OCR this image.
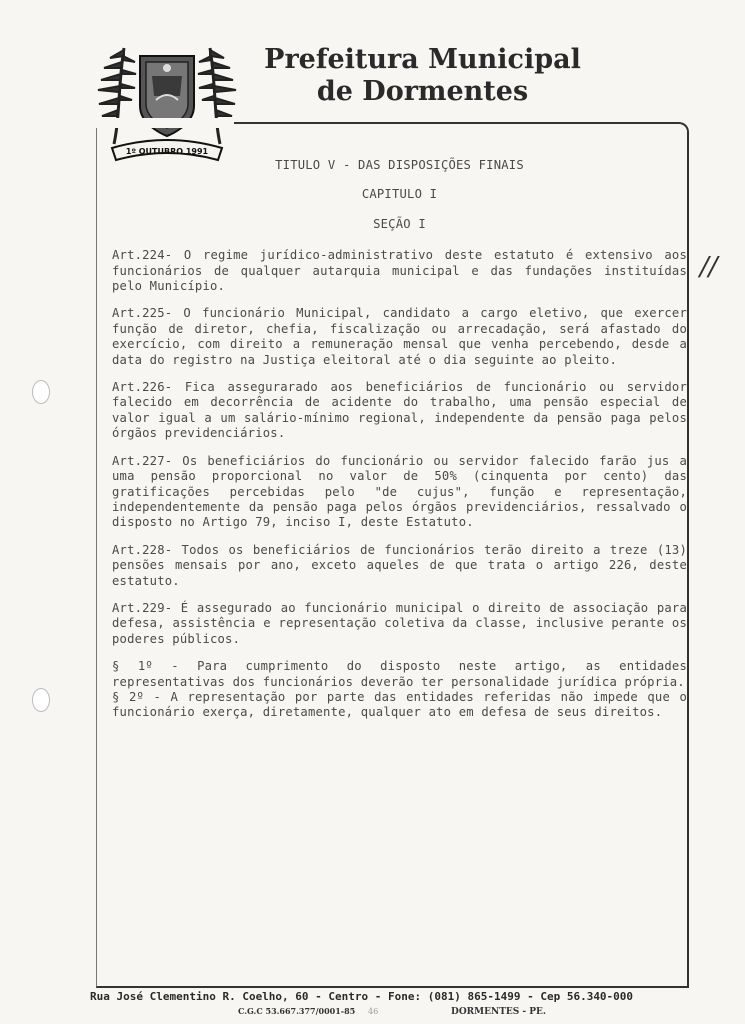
1º OUTUBRO 1991
Prefeitura Municipal
de Dormentes
TITULO V - DAS DISPOSIÇÕES FINAIS
CAPITULO I
SEÇÃO I

Art.224- O regime jurídico-administrativo deste estatuto é extensivo aos funcionários de qualquer autarquia municipal e das fundações instituídas pelo Município.

Art.225- O funcionário Municipal, candidato a cargo eletivo, que exercer função de diretor, chefia, fiscalização ou arrecadação, será afastado do exercício, com direito a remuneração mensal que venha percebendo, desde a data do registro na Justiça eleitoral até o dia seguinte ao pleito.

Art.226- Fica assegurarado aos beneficiários de funcionário ou servidor falecido em decorrência de acidente do trabalho, uma pensão especial de valor igual a um salário-mínimo regional, independente da pensão paga pelos órgãos previdenciários.

Art.227- Os beneficiários do funcionário ou servidor falecido farão jus a uma pensão proporcional no valor de 50% (cinquenta por cento) das gratificações percebidas pelo "de cujus", função e representação, independentemente da pensão paga pelos órgãos previdenciários, ressalvado o disposto no Artigo 79, inciso I, deste Estatuto.

Art.228- Todos os beneficiários de funcionários terão direito a treze (13) pensões mensais por ano, exceto aqueles de que trata o artigo 226, deste estatuto.

Art.229- É assegurado ao funcionário municipal o direito de associação para defesa, assistência e representação coletiva da classe, inclusive perante os poderes públicos.

§ 1º - Para cumprimento do disposto neste artigo, as entidades representativas dos funcionários deverão ter personalidade jurídica própria.

§ 2º - A representação por parte das entidades referidas não impede que o funcionário exerça, diretamente, qualquer ato em defesa de seus direitos.

//
Rua José Clementino R. Coelho, 60 - Centro - Fone: (081) 865-1499 - Cep 56.340-000
C.G.C 53.667.377/0001-85 46	DORMENTES - PE.
